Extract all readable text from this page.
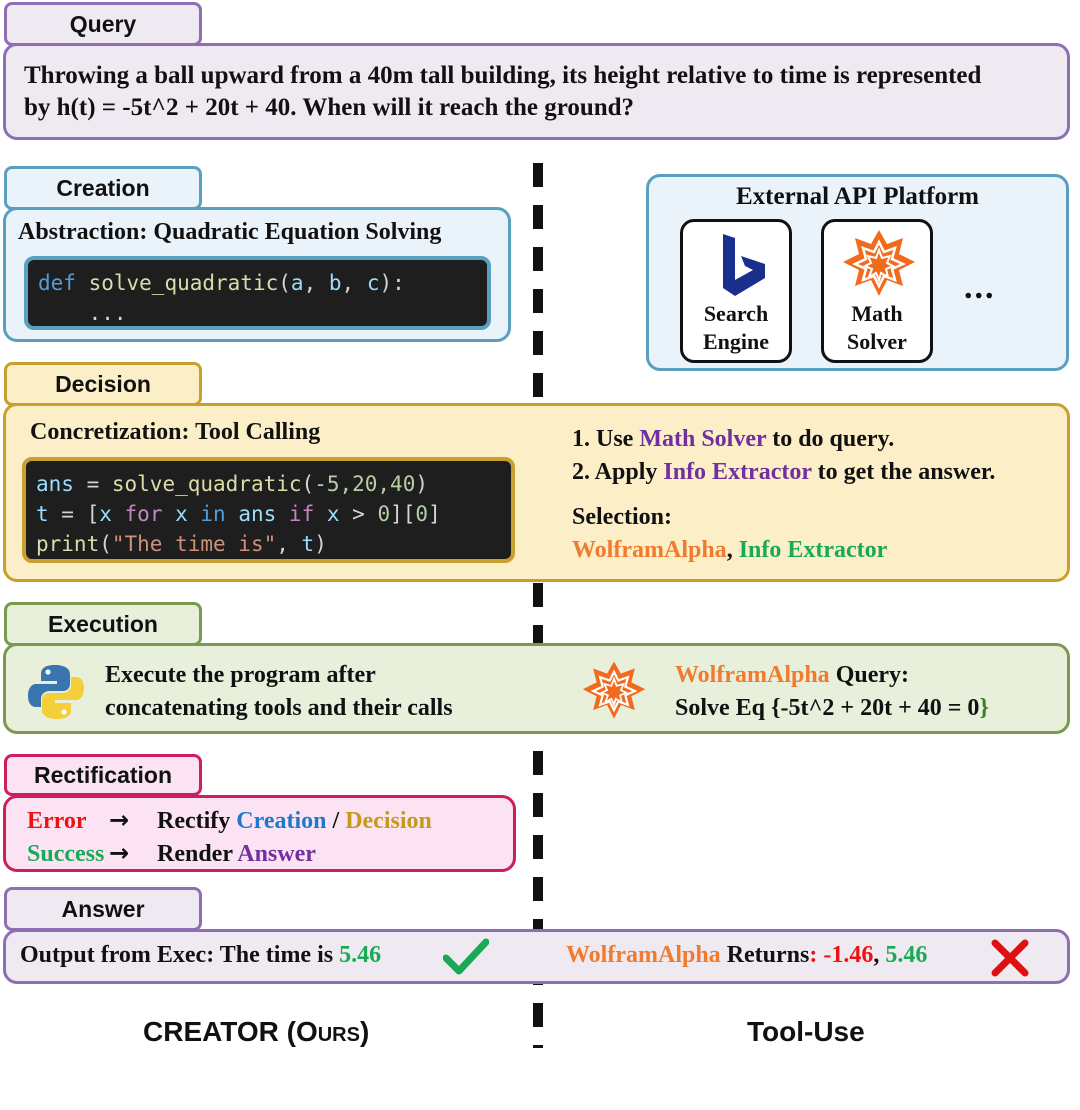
Query
Throwing a ball upward from a 40m tall building, its height relative to time is represented
by h(t) = -5t^2 + 20t + 40. When will it reach the ground?
Creation
Abstraction: Quadratic Equation Solving
def solve_quadratic(a, b, c):
...
External API Platform
Search
Engine
Math
Solver
...
Decision
Concretization: Tool Calling
ans = solve_quadratic(-5,20,40)
t = [x for x in ans if x > 0][0]
print("The time is", t)
1. Use Math Solver to do query.
2. Apply Info Extractor to get the answer.
Selection:
WolframAlpha, Info Extractor
Execution
Execute the program after
concatenating tools and their calls
WolframAlpha Query:
Solve Eq {-5t^2 + 20t + 40 = 0}
Rectification
Error → Rectify Creation / Decision
Success → Render Answer
Answer
Output from Exec: The time is 5.46	WolframAlpha Returns: -1.46, 5.46
CREATOR (Ours)	Tool-Use
